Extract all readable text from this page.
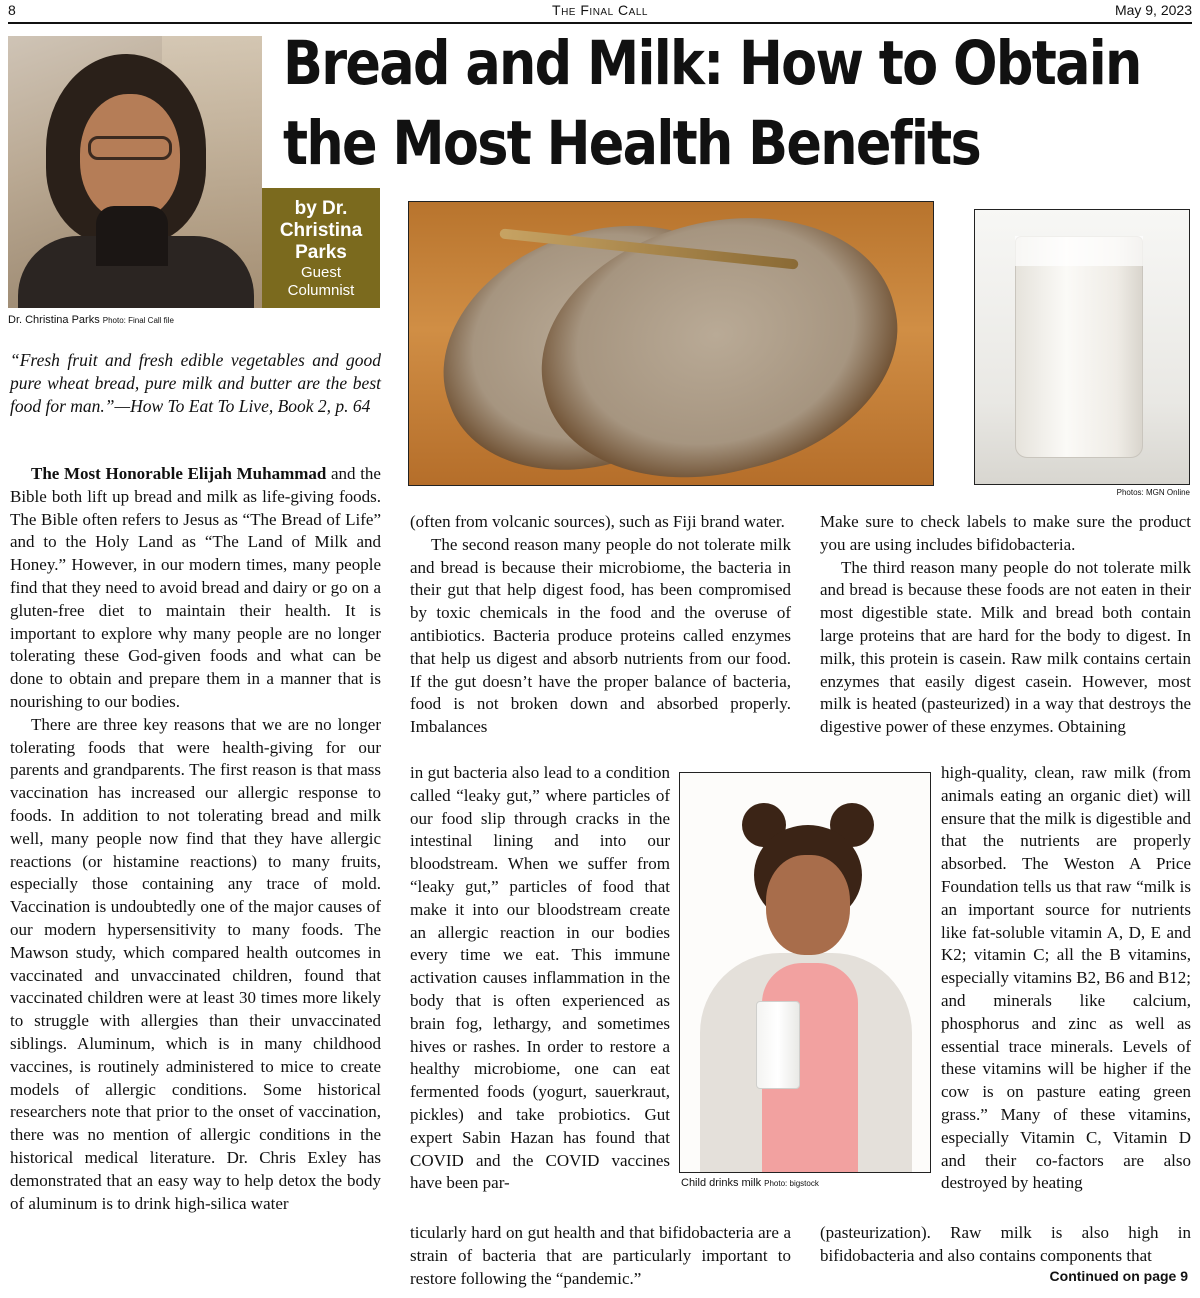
8	The Final Call	May 9, 2023
by Dr.
Christina
Parks
Guest
Columnist
Dr. Christina Parks Photo: Final Call file
Bread and Milk: How to Obtain
the Most Health Benefits
Photos: MGN Online
“Fresh fruit and fresh edible vegetables and good pure wheat bread, pure milk and butter are the best food for man.”—How To Eat To Live, Book 2, p. 64

The Most Honorable Elijah Muhammad and the Bible both lift up bread and milk as life-giving foods. The Bible often refers to Jesus as “The Bread of Life” and to the Holy Land as “The Land of Milk and Honey.” However, in our modern times, many people find that they need to avoid bread and dairy or go on a gluten-free diet to maintain their health. It is important to explore why many people are no longer tolerating these God-given foods and what can be done to obtain and prepare them in a manner that is nourishing to our bodies.

There are three key reasons that we are no longer tolerating foods that were health-giving for our parents and grandparents. The first reason is that mass vaccination has increased our allergic response to foods. In addition to not tolerating bread and milk well, many people now find that they have allergic reactions (or histamine reactions) to many fruits, especially those containing any trace of mold. Vaccination is undoubtedly one of the major causes of our modern hypersensitivity to many foods. The Mawson study, which compared health outcomes in vaccinated and unvaccinated children, found that vaccinated children were at least 30 times more likely to struggle with allergies than their unvaccinated siblings. Aluminum, which is in many childhood vaccines, is routinely administered to mice to create models of allergic conditions. Some historical researchers note that prior to the onset of vaccination, there was no mention of allergic conditions in the historical medical literature. Dr. Chris Exley has demonstrated that an easy way to help detox the body of aluminum is to drink high-silica water

(often from volcanic sources), such as Fiji brand water.

The second reason many people do not tolerate milk and bread is because their microbiome, the bacteria in their gut that help digest food, has been compromised by toxic chemicals in the food and the overuse of antibiotics. Bacteria produce proteins called enzymes that help us digest and absorb nutrients from our food. If the gut doesn’t have the proper balance of bacteria, food is not broken down and absorbed properly. Imbalances

in gut bacteria also lead to a condition called “leaky gut,” where particles of our food slip through cracks in the intestinal lining and into our bloodstream. When we suffer from “leaky gut,” particles of food that make it into our bloodstream create an allergic reaction in our bodies every time we eat. This immune activation causes inflammation in the body that is often experienced as brain fog, lethargy, and sometimes hives or rashes. In order to restore a healthy microbiome, one can eat fermented foods (yogurt, sauerkraut, pickles) and take probiotics. Gut expert Sabin Hazan has found that COVID and the COVID vaccines have been par-

ticularly hard on gut health and that bifidobacteria are a strain of bacteria that are particularly important to restore following the “pandemic.”

Make sure to check labels to make sure the product you are using includes bifidobacteria.

The third reason many people do not tolerate milk and bread is because these foods are not eaten in their most digestible state. Milk and bread both contain large proteins that are hard for the body to digest. In milk, this protein is casein. Raw milk contains certain enzymes that easily digest casein. However, most milk is heated (pasteurized) in a way that destroys the digestive power of these enzymes. Obtaining

high-quality, clean, raw milk (from animals eating an organic diet) will ensure that the milk is digestible and that the nutrients are properly absorbed. The Weston A Price Foundation tells us that raw “milk is an important source for nutrients like fat-soluble vitamin A, D, E and K2; vitamin C; all the B vitamins, especially vitamins B2, B6 and B12; and minerals like calcium, phosphorus and zinc as well as essential trace minerals. Levels of these vitamins will be higher if the cow is on pasture eating green grass.” Many of these vitamins, especially Vitamin C, Vitamin D and their co-factors are also destroyed by heating

(pasteurization). Raw milk is also high in bifidobacteria and also contains components that

Child drinks milk Photo: bigstock
Continued on page 9
